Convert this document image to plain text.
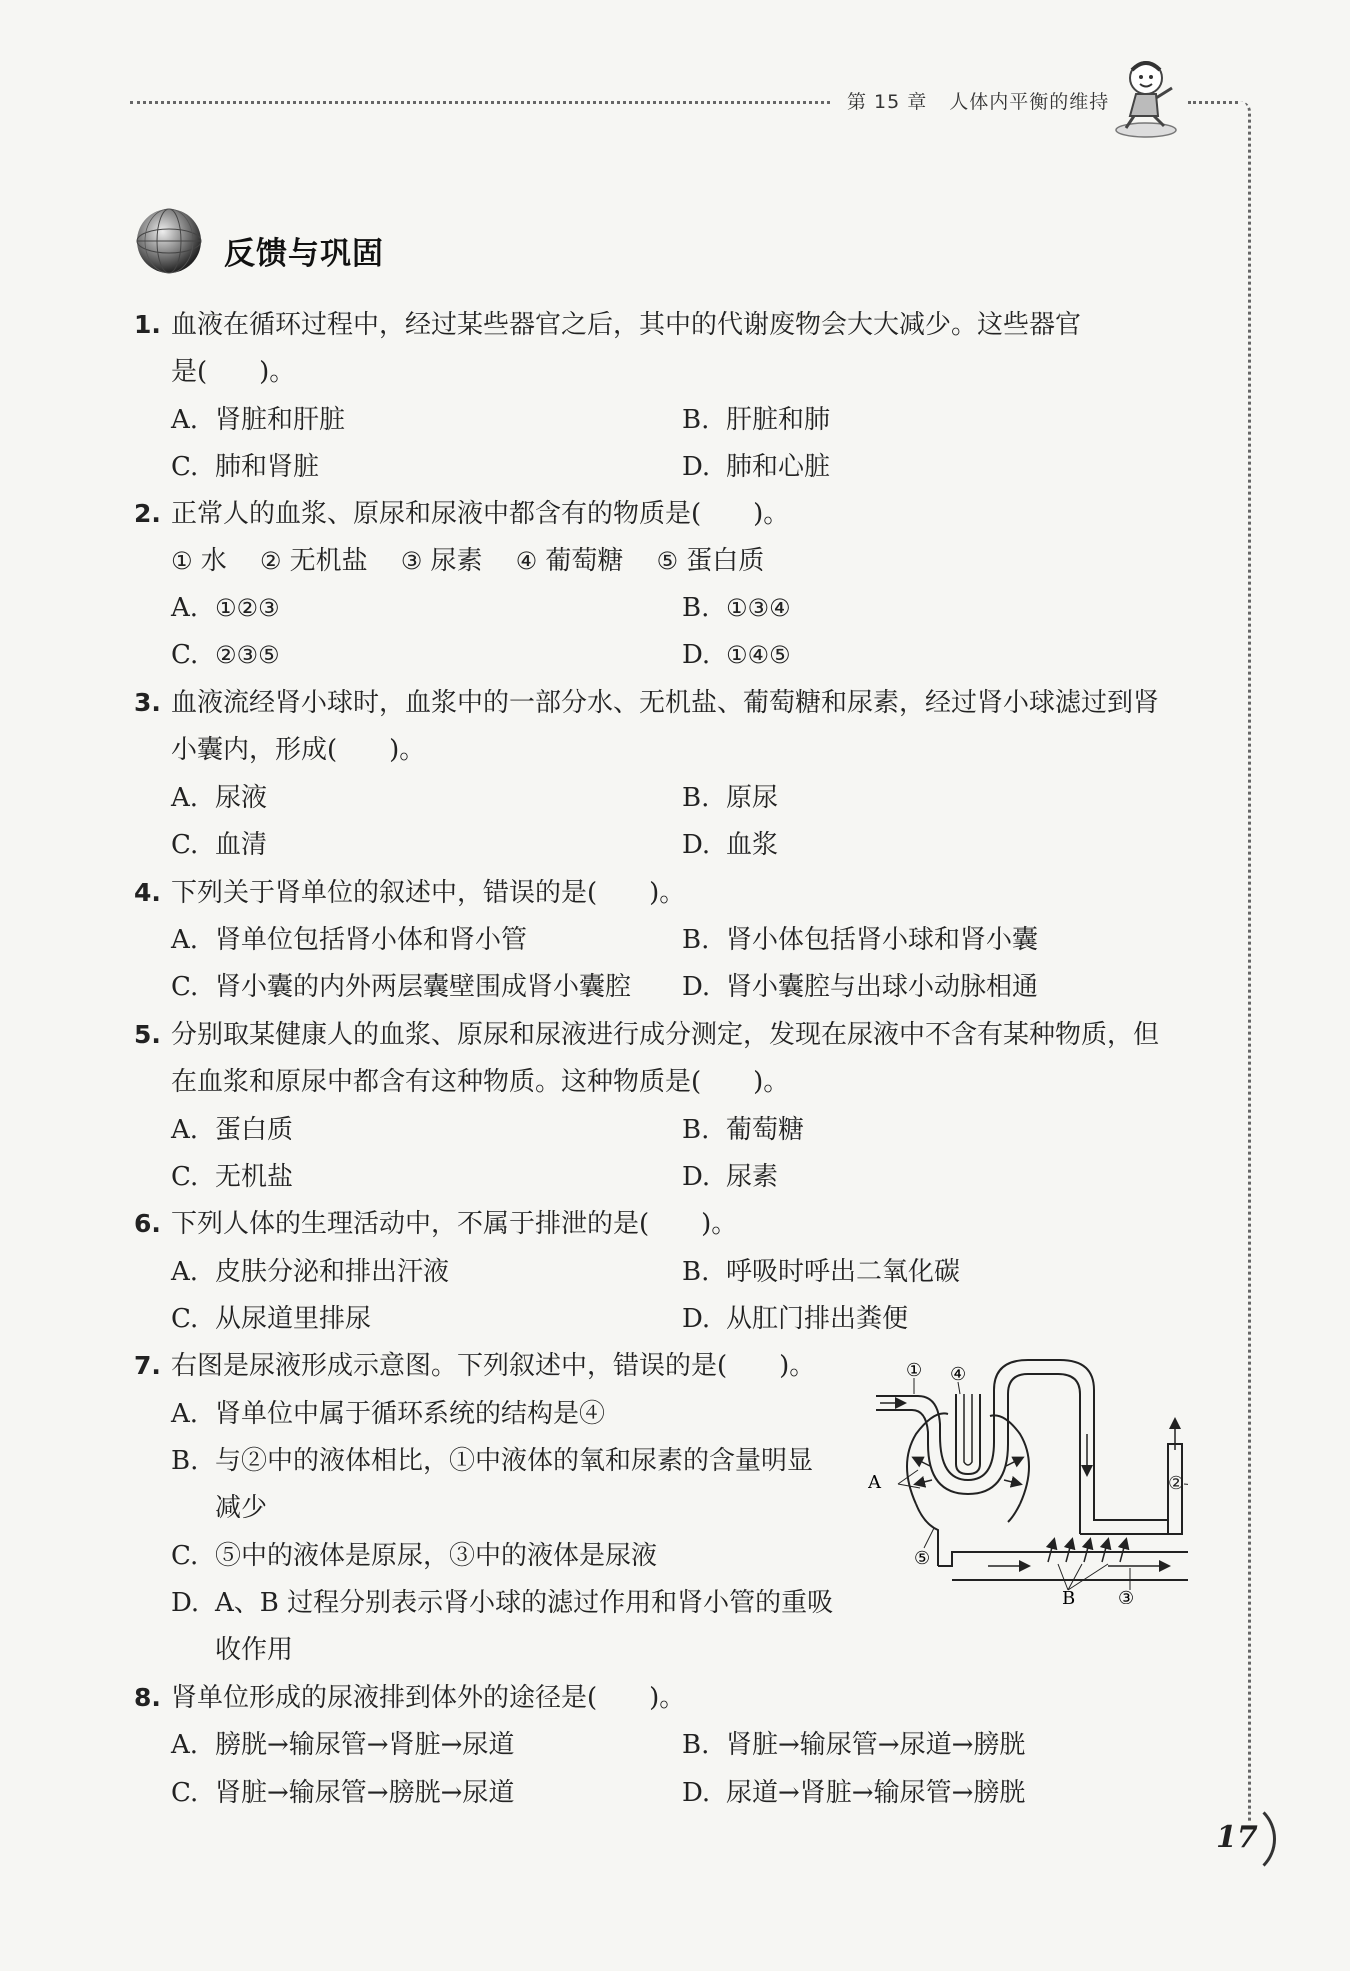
第 15 章 人体内平衡的维持
反馈与巩固
1. 血液在循环过程中，经过某些器官之后，其中的代谢废物会大大减少。这些器官
是(　　)。
A. 肾脏和肝脏	B. 肝脏和肺
C. 肺和肾脏	D. 肺和心脏
2. 正常人的血浆、原尿和尿液中都含有的物质是(　　)。
① 水 ② 无机盐 ③ 尿素 ④ 葡萄糖 ⑤ 蛋白质
A. ①②③	B. ①③④
C. ②③⑤	D. ①④⑤
3. 血液流经肾小球时，血浆中的一部分水、无机盐、葡萄糖和尿素，经过肾小球滤过到肾
小囊内，形成(　　)。
A. 尿液	B. 原尿
C. 血清	D. 血浆
4. 下列关于肾单位的叙述中，错误的是(　　)。
A. 肾单位包括肾小体和肾小管	B. 肾小体包括肾小球和肾小囊
C. 肾小囊的内外两层囊壁围成肾小囊腔 D. 肾小囊腔与出球小动脉相通
5. 分别取某健康人的血浆、原尿和尿液进行成分测定，发现在尿液中不含有某种物质，但
在血浆和原尿中都含有这种物质。这种物质是(　　)。
A. 蛋白质	B. 葡萄糖
C. 无机盐	D. 尿素
6. 下列人体的生理活动中，不属于排泄的是(　　)。
A. 皮肤分泌和排出汗液	B. 呼吸时呼出二氧化碳
C. 从尿道里排尿	D. 从肛门排出粪便
7. 右图是尿液形成示意图。下列叙述中，错误的是(　　)。
A. 肾单位中属于循环系统的结构是④
B. 与②中的液体相比，①中液体的氧和尿素的含量明显
减少
C. ⑤中的液体是原尿，③中的液体是尿液
D. A、B 过程分别表示肾小球的滤过作用和肾小管的重吸
收作用
① ④
A
⑤
B ③
②
8. 肾单位形成的尿液排到体外的途径是(　　)。
A. 膀胱→输尿管→肾脏→尿道	B. 肾脏→输尿管→尿道→膀胱
C. 肾脏→输尿管→膀胱→尿道	D. 尿道→肾脏→输尿管→膀胱
17
